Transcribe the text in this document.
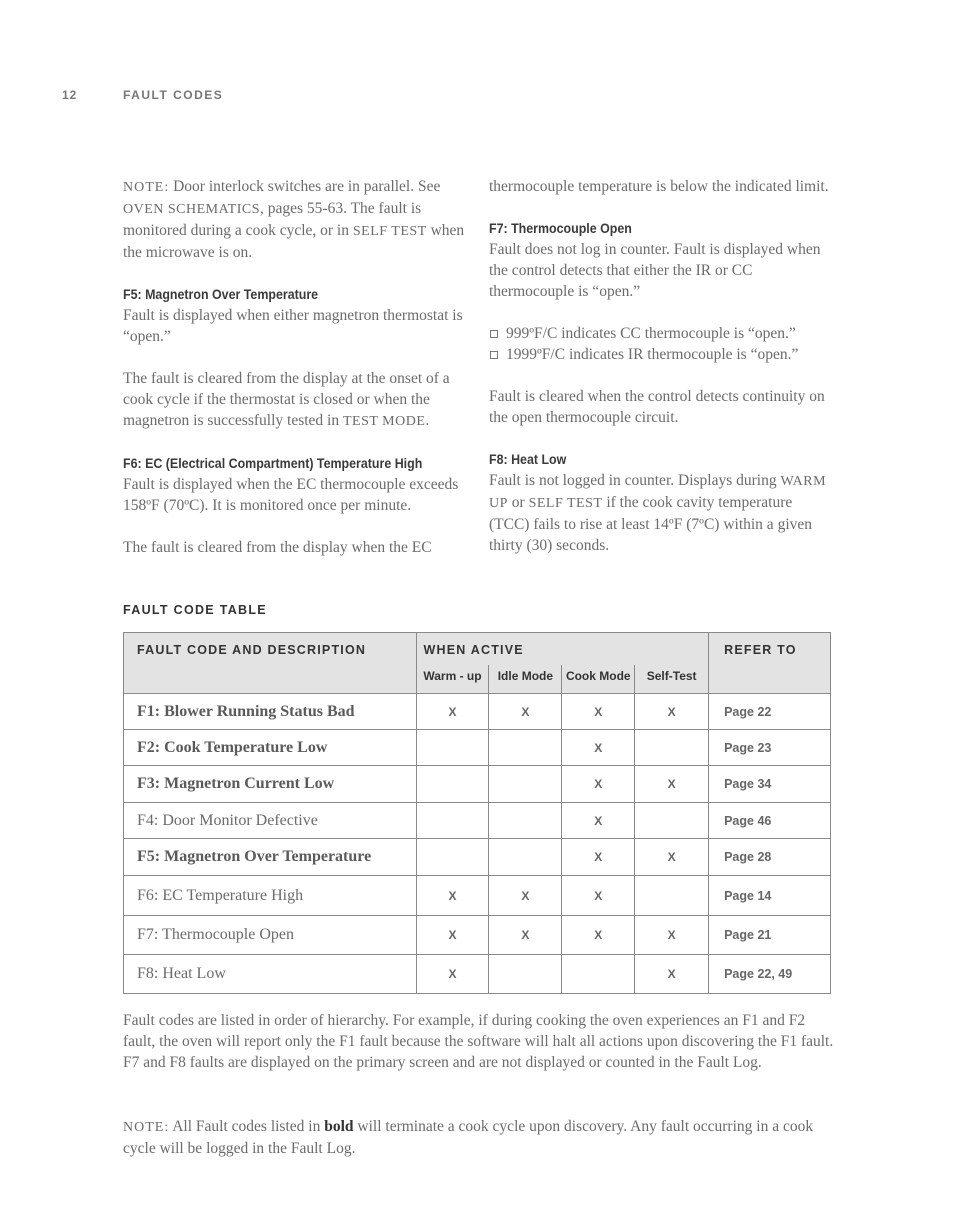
12	FAULT CODES

NOTE: Door interlock switches are in parallel. See OVEN SCHEMATICS, pages 55-63. The fault is monitored during a cook cycle, or in SELF TEST when the microwave is on.

F5: Magnetron Over Temperature

Fault is displayed when either magnetron thermostat is “open.”

The fault is cleared from the display at the onset of a cook cycle if the thermostat is closed or when the magnetron is successfully tested in TEST MODE.

F6: EC (Electrical Compartment) Temperature High

Fault is displayed when the EC thermocouple exceeds 158ºF (70ºC). It is monitored once per minute.

The fault is cleared from the display when the EC

thermocouple temperature is below the indicated limit.

F7: Thermocouple Open

Fault does not log in counter. Fault is displayed when the control detects that either the IR or CC thermocouple is “open.”

999ºF/C indicates CC thermocouple is “open.”
1999ºF/C indicates IR thermocouple is “open.”

Fault is cleared when the control detects continuity on the open thermocouple circuit.

F8: Heat Low

Fault is not logged in counter. Displays during WARM UP or SELF TEST if the cook cavity temperature (TCC) fails to rise at least 14ºF (7ºC) within a given thirty (30) seconds.

FAULT CODE TABLE
FAULT CODE AND DESCRIPTION	WHEN ACTIVE				REFER TO
	Warm - up	Idle Mode	Cook Mode	Self-Test	
F1: Blower Running Status Bad	X	X	X	X	Page 22
F2: Cook Temperature Low			X		Page 23
F3: Magnetron Current Low			X	X	Page 34
F4: Door Monitor Defective			X		Page 46
F5: Magnetron Over Temperature			X	X	Page 28
F6: EC Temperature High	X	X	X		Page 14
F7: Thermocouple Open	X	X	X	X	Page 21
F8: Heat Low	X			X	Page 22, 49

Fault codes are listed in order of hierarchy. For example, if during cooking the oven experiences an F1 and F2 fault, the oven will report only the F1 fault because the software will halt all actions upon discovering the F1 fault. F7 and F8 faults are displayed on the primary screen and are not displayed or counted in the Fault Log.

NOTE: All Fault codes listed in bold will terminate a cook cycle upon discovery. Any fault occurring in a cook cycle will be logged in the Fault Log.
